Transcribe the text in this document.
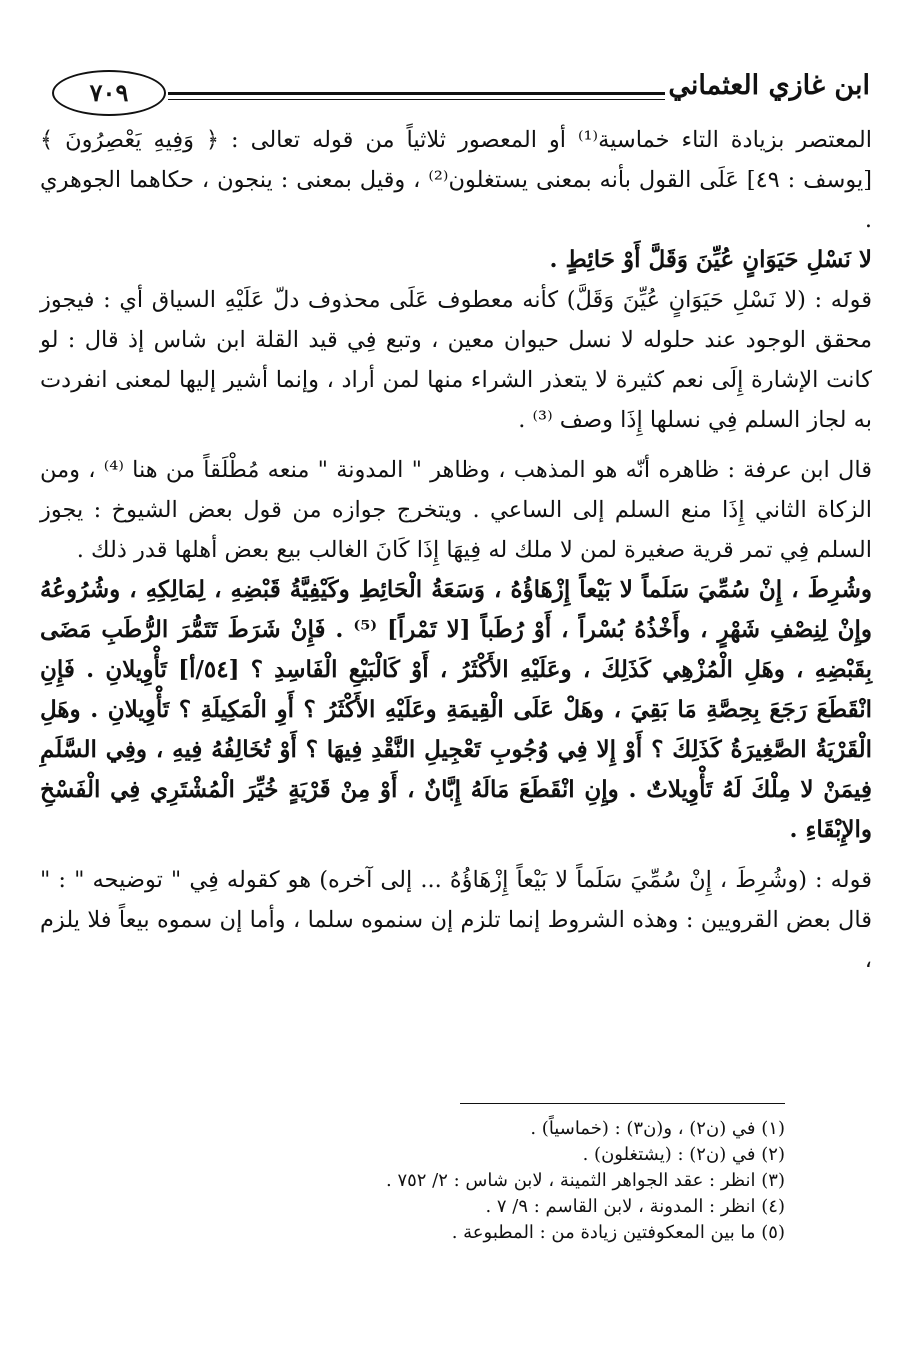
ابن غازي العثماني
٧٠٩

المعتصر بزيادة التاء خماسية⁽¹⁾ أو المعصور ثلاثياً من قوله تعالى : ﴿ وَفِيهِ يَعْصِرُونَ ﴾ [يوسف : ٤٩] عَلَى القول بأنه بمعنى يستغلون⁽²⁾ ، وقيل بمعنى : ينجون ، حكاهما الجوهري .

لا نَسْلِ حَيَوَانٍ عُيِّنَ وَقَلَّ أَوْ حَائِطٍ .

قوله : (لا نَسْلِ حَيَوَانٍ عُيِّنَ وَقَلَّ) كأنه معطوف عَلَى محذوف دلّ عَلَيْهِ السياق أي : فيجوز محقق الوجود عند حلوله لا نسل حيوان معين ، وتبع فِي قيد القلة ابن شاس إذ قال : لو كانت الإشارة إِلَى نعم كثيرة لا يتعذر الشراء منها لمن أراد ، وإنما أشير إليها لمعنى انفردت به لجاز السلم فِي نسلها إِذَا وصف ⁽³⁾ .

قال ابن عرفة : ظاهره أنّه هو المذهب ، وظاهر " المدونة " منعه مُطْلَقاً من هنا ⁽⁴⁾ ، ومن الزكاة الثاني إِذَا منع السلم إلى الساعي . ويتخرج جوازه من قول بعض الشيوخ : يجوز السلم فِي تمر قرية صغيرة لمن لا ملك له فِيهَا إِذَا كَانَ الغالب بيع بعض أهلها قدر ذلك .

وشُرِطَ ، إِنْ سُمِّيَ سَلَماً لا بَيْعاً إِزْهَاؤُهُ ، وَسَعَةُ الْحَائِطِ وكَيْفِيَّةُ قَبْضِهِ ، لِمَالِكِهِ ، وشُرُوعُهُ وإِنْ لِنِصْفِ شَهْرٍ ، وأَخْذُهُ بُسْراً ، أَوْ رُطَباً [لا تَمْراً] ⁽⁵⁾ . فَإِنْ شَرَطَ تَتَمُّرَ الرُّطَبِ مَضَى بِقَبْضِهِ ، وهَلِ الْمُزْهِي كَذَلِكَ ، وعَلَيْهِ الأَكْثَرُ ، أَوْ كَالْبَيْعِ الْفَاسِدِ ؟ [٥٤/أ] تَأْوِيلانِ . فَإِنِ انْقَطَعَ رَجَعَ بِحِصَّةِ مَا بَقِيَ ، وهَلْ عَلَى الْقِيمَةِ وعَلَيْهِ الأَكْثَرُ ؟ أَوِ الْمَكِيلَةِ ؟ تَأْوِيلانِ . وهَلِ الْقَرْيَةُ الصَّغِيرَةُ كَذَلِكَ ؟ أَوْ إِلا فِي وُجُوبِ تَعْجِيلِ النَّقْدِ فِيهَا ؟ أَوْ تُخَالِفُهُ فِيهِ ، وفِي السَّلَمِ فِيمَنْ لا مِلْكَ لَهُ تَأْوِيلاتٌ . وإِنِ انْقَطَعَ مَالَهُ إِبَّانٌ ، أَوْ مِنْ قَرْيَةٍ خُيِّرَ الْمُشْتَرِي فِي الْفَسْخِ والإِبْقَاءِ .

قوله : (وشُرِطَ ، إِنْ سُمِّيَ سَلَماً لا بَيْعاً إِزْهَاؤُهُ ... إلى آخره) هو كقوله فِي " توضيحه " : " قال بعض القرويين : وهذه الشروط إنما تلزم إن سنموه سلما ، وأما إن سموه بيعاً فلا يلزم ،

(١) في (ن٢) ، و(ن٣) : (خماسياً) .

(٢) في (ن٢) : (يشتغلون) .

(٣) انظر : عقد الجواهر الثمينة ، لابن شاس : ٢/ ٧٥٢ .

(٤) انظر : المدونة ، لابن القاسم : ٩/ ٧ .

(٥) ما بين المعكوفتين زيادة من : المطبوعة .
